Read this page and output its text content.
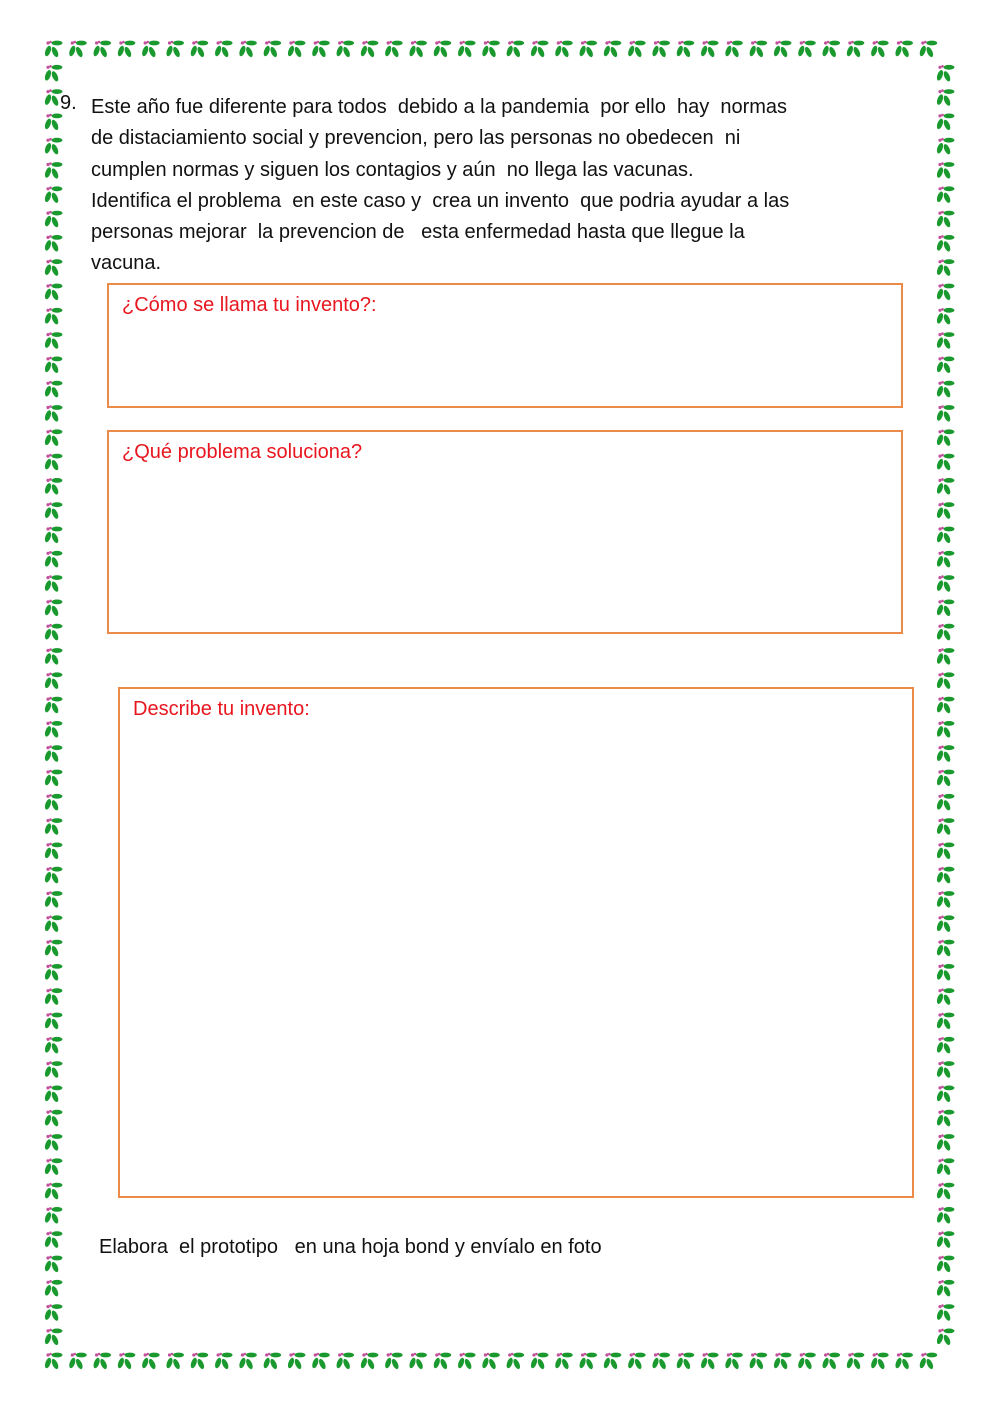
9. Este año fue diferente para todos  debido a la pandemia  por ello  hay  normas
de distaciamiento social y prevencion, pero las personas no obedecen  ni
cumplen normas y siguen los contagios y aún  no llega las vacunas.
Identifica el problema  en este caso y  crea un invento  que podria ayudar a las
personas mejorar  la prevencion de   esta enfermedad hasta que llegue la
vacuna.
¿Cómo se llama tu invento?:
¿Qué problema soluciona?
Describe tu invento:
Elabora  el prototipo   en una hoja bond y envíalo en foto
